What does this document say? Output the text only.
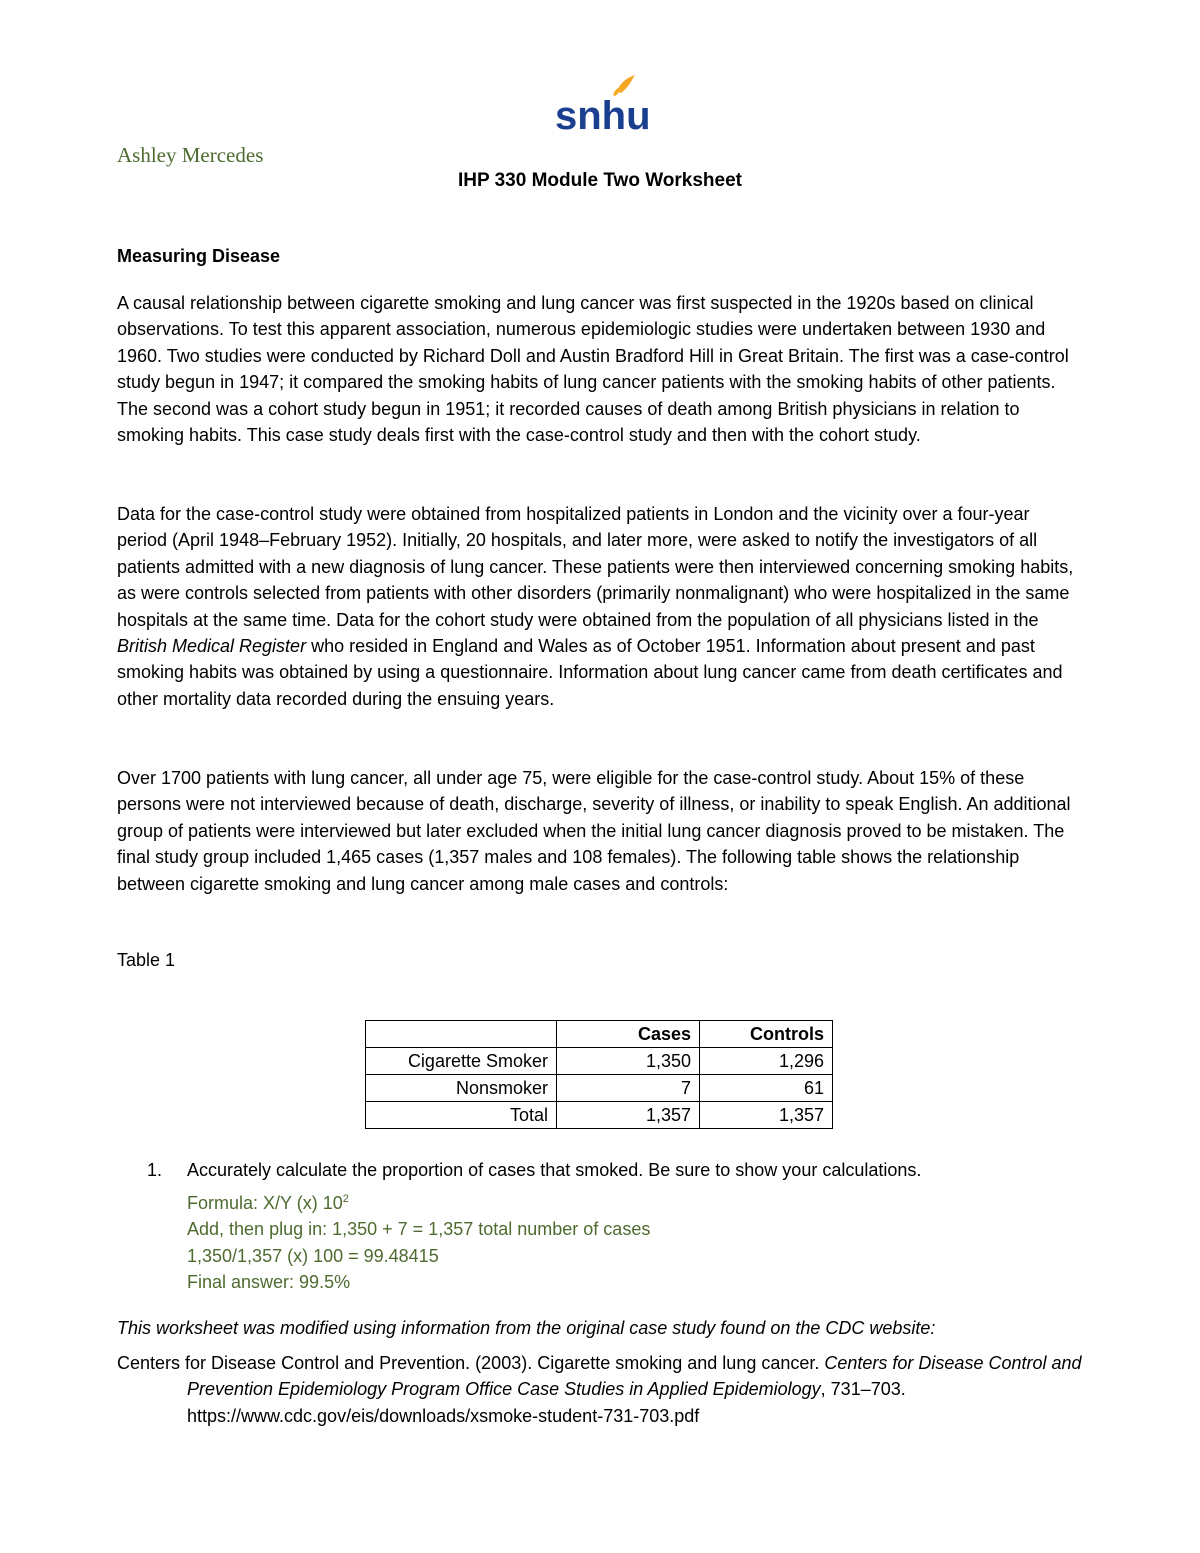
snhu

Ashley Mercedes

IHP 330 Module Two Worksheet
Measuring Disease

A causal relationship between cigarette smoking and lung cancer was first suspected in the 1920s based on clinical observations. To test this apparent association, numerous epidemiologic studies were undertaken between 1930 and 1960. Two studies were conducted by Richard Doll and Austin Bradford Hill in Great Britain. The first was a case-control study begun in 1947; it compared the smoking habits of lung cancer patients with the smoking habits of other patients. The second was a cohort study begun in 1951; it recorded causes of death among British physicians in relation to smoking habits. This case study deals first with the case-control study and then with the cohort study.

Data for the case-control study were obtained from hospitalized patients in London and the vicinity over a four-year period (April 1948–February 1952). Initially, 20 hospitals, and later more, were asked to notify the investigators of all patients admitted with a new diagnosis of lung cancer. These patients were then interviewed concerning smoking habits, as were controls selected from patients with other disorders (primarily nonmalignant) who were hospitalized in the same hospitals at the same time. Data for the cohort study were obtained from the population of all physicians listed in the British Medical Register who resided in England and Wales as of October 1951. Information about present and past smoking habits was obtained by using a questionnaire. Information about lung cancer came from death certificates and other mortality data recorded during the ensuing years.

Over 1700 patients with lung cancer, all under age 75, were eligible for the case-control study. About 15% of these persons were not interviewed because of death, discharge, severity of illness, or inability to speak English. An additional group of patients were interviewed but later excluded when the initial lung cancer diagnosis proved to be mistaken. The final study group included 1,465 cases (1,357 males and 108 females). The following table shows the relationship between cigarette smoking and lung cancer among male cases and controls:

Table 1

	Cases	Controls
Cigarette Smoker	1,350	1,296
Nonsmoker	7	61
Total	1,357	1,357
1. Accurately calculate the proportion of cases that smoked. Be sure to show your calculations.
Formula: X/Y (x) $10^2$
Add, then plug in: 1,350 + 7 = 1,357 total number of cases
1,350/1,357 (x) 100 = 99.48415
Final answer: 99.5%

This worksheet was modified using information from the original case study found on the CDC website:

Centers for Disease Control and Prevention. (2003). Cigarette smoking and lung cancer. Centers for Disease Control and Prevention Epidemiology Program Office Case Studies in Applied Epidemiology, 731–703.
https://www.cdc.gov/eis/downloads/xsmoke-student-731-703.pdf
